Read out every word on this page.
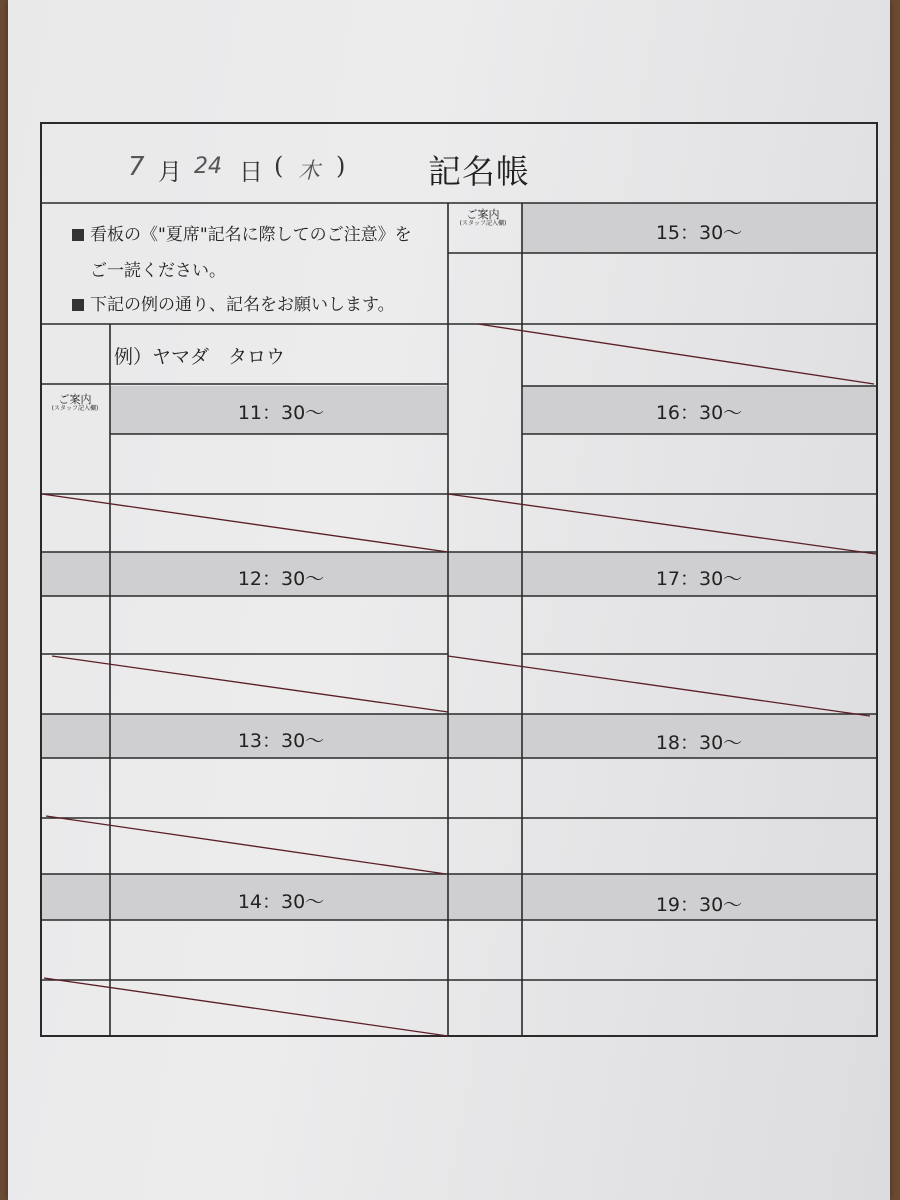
7 月 24 日 ( 木 )	記名帳
看板の《"夏席"記名に際してのご注意》を
ご一読ください。
下記の例の通り、記名をお願いします。
例）ヤマダ　タロウ
ご案内
(スタッフ記入欄)
ご案内
(スタッフ記入欄)	11：30〜
12：30〜
13：30〜
14：30〜
15：30〜
16：30〜
17：30〜
18：30〜
19：30〜
